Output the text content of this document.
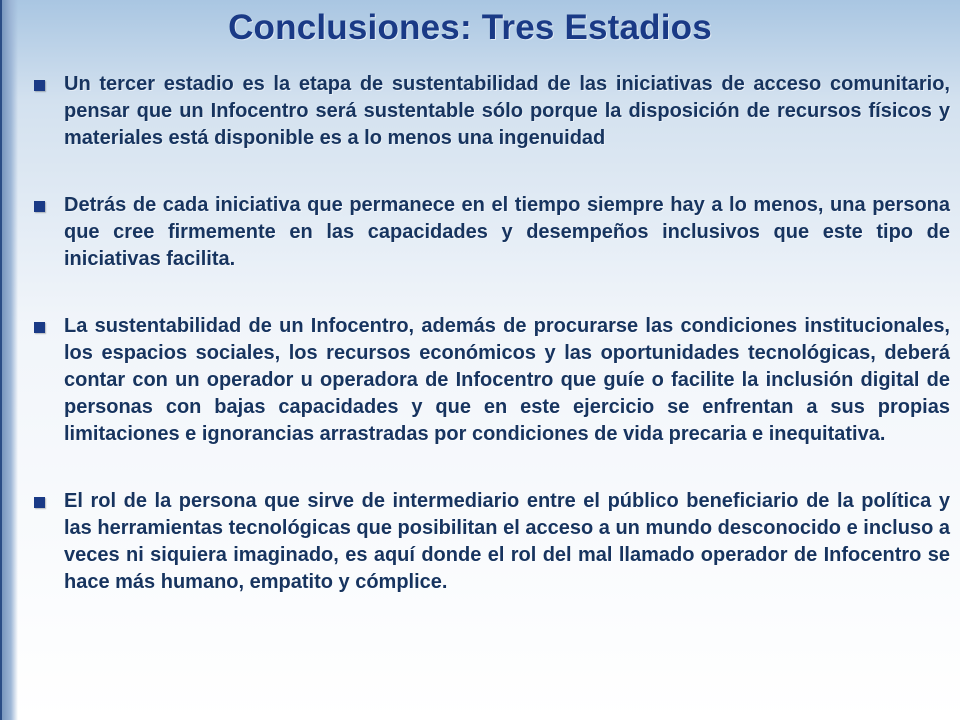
Conclusiones: Tres Estadios
Un tercer estadio es la etapa de sustentabilidad de las iniciativas de acceso comunitario, pensar que un Infocentro será sustentable sólo porque la disposición de recursos físicos y materiales está disponible es a lo menos una ingenuidad
Detrás de cada iniciativa que permanece en el tiempo siempre hay a lo menos, una persona que cree firmemente en las capacidades y desempeños inclusivos que este tipo de iniciativas facilita.
La sustentabilidad de un Infocentro, además de procurarse las condiciones institucionales, los espacios sociales, los recursos económicos y las oportunidades tecnológicas, deberá contar con un operador u operadora de Infocentro que guíe o facilite la inclusión digital de personas con bajas capacidades y que en este ejercicio se enfrentan a sus propias limitaciones e ignorancias arrastradas por condiciones de vida precaria e inequitativa.
El rol de la persona que sirve de intermediario entre el público beneficiario de la política y las herramientas tecnológicas que posibilitan el acceso a un mundo desconocido e incluso a veces ni siquiera imaginado, es aquí donde el rol del mal llamado operador de Infocentro se hace más humano, empatito y cómplice.
